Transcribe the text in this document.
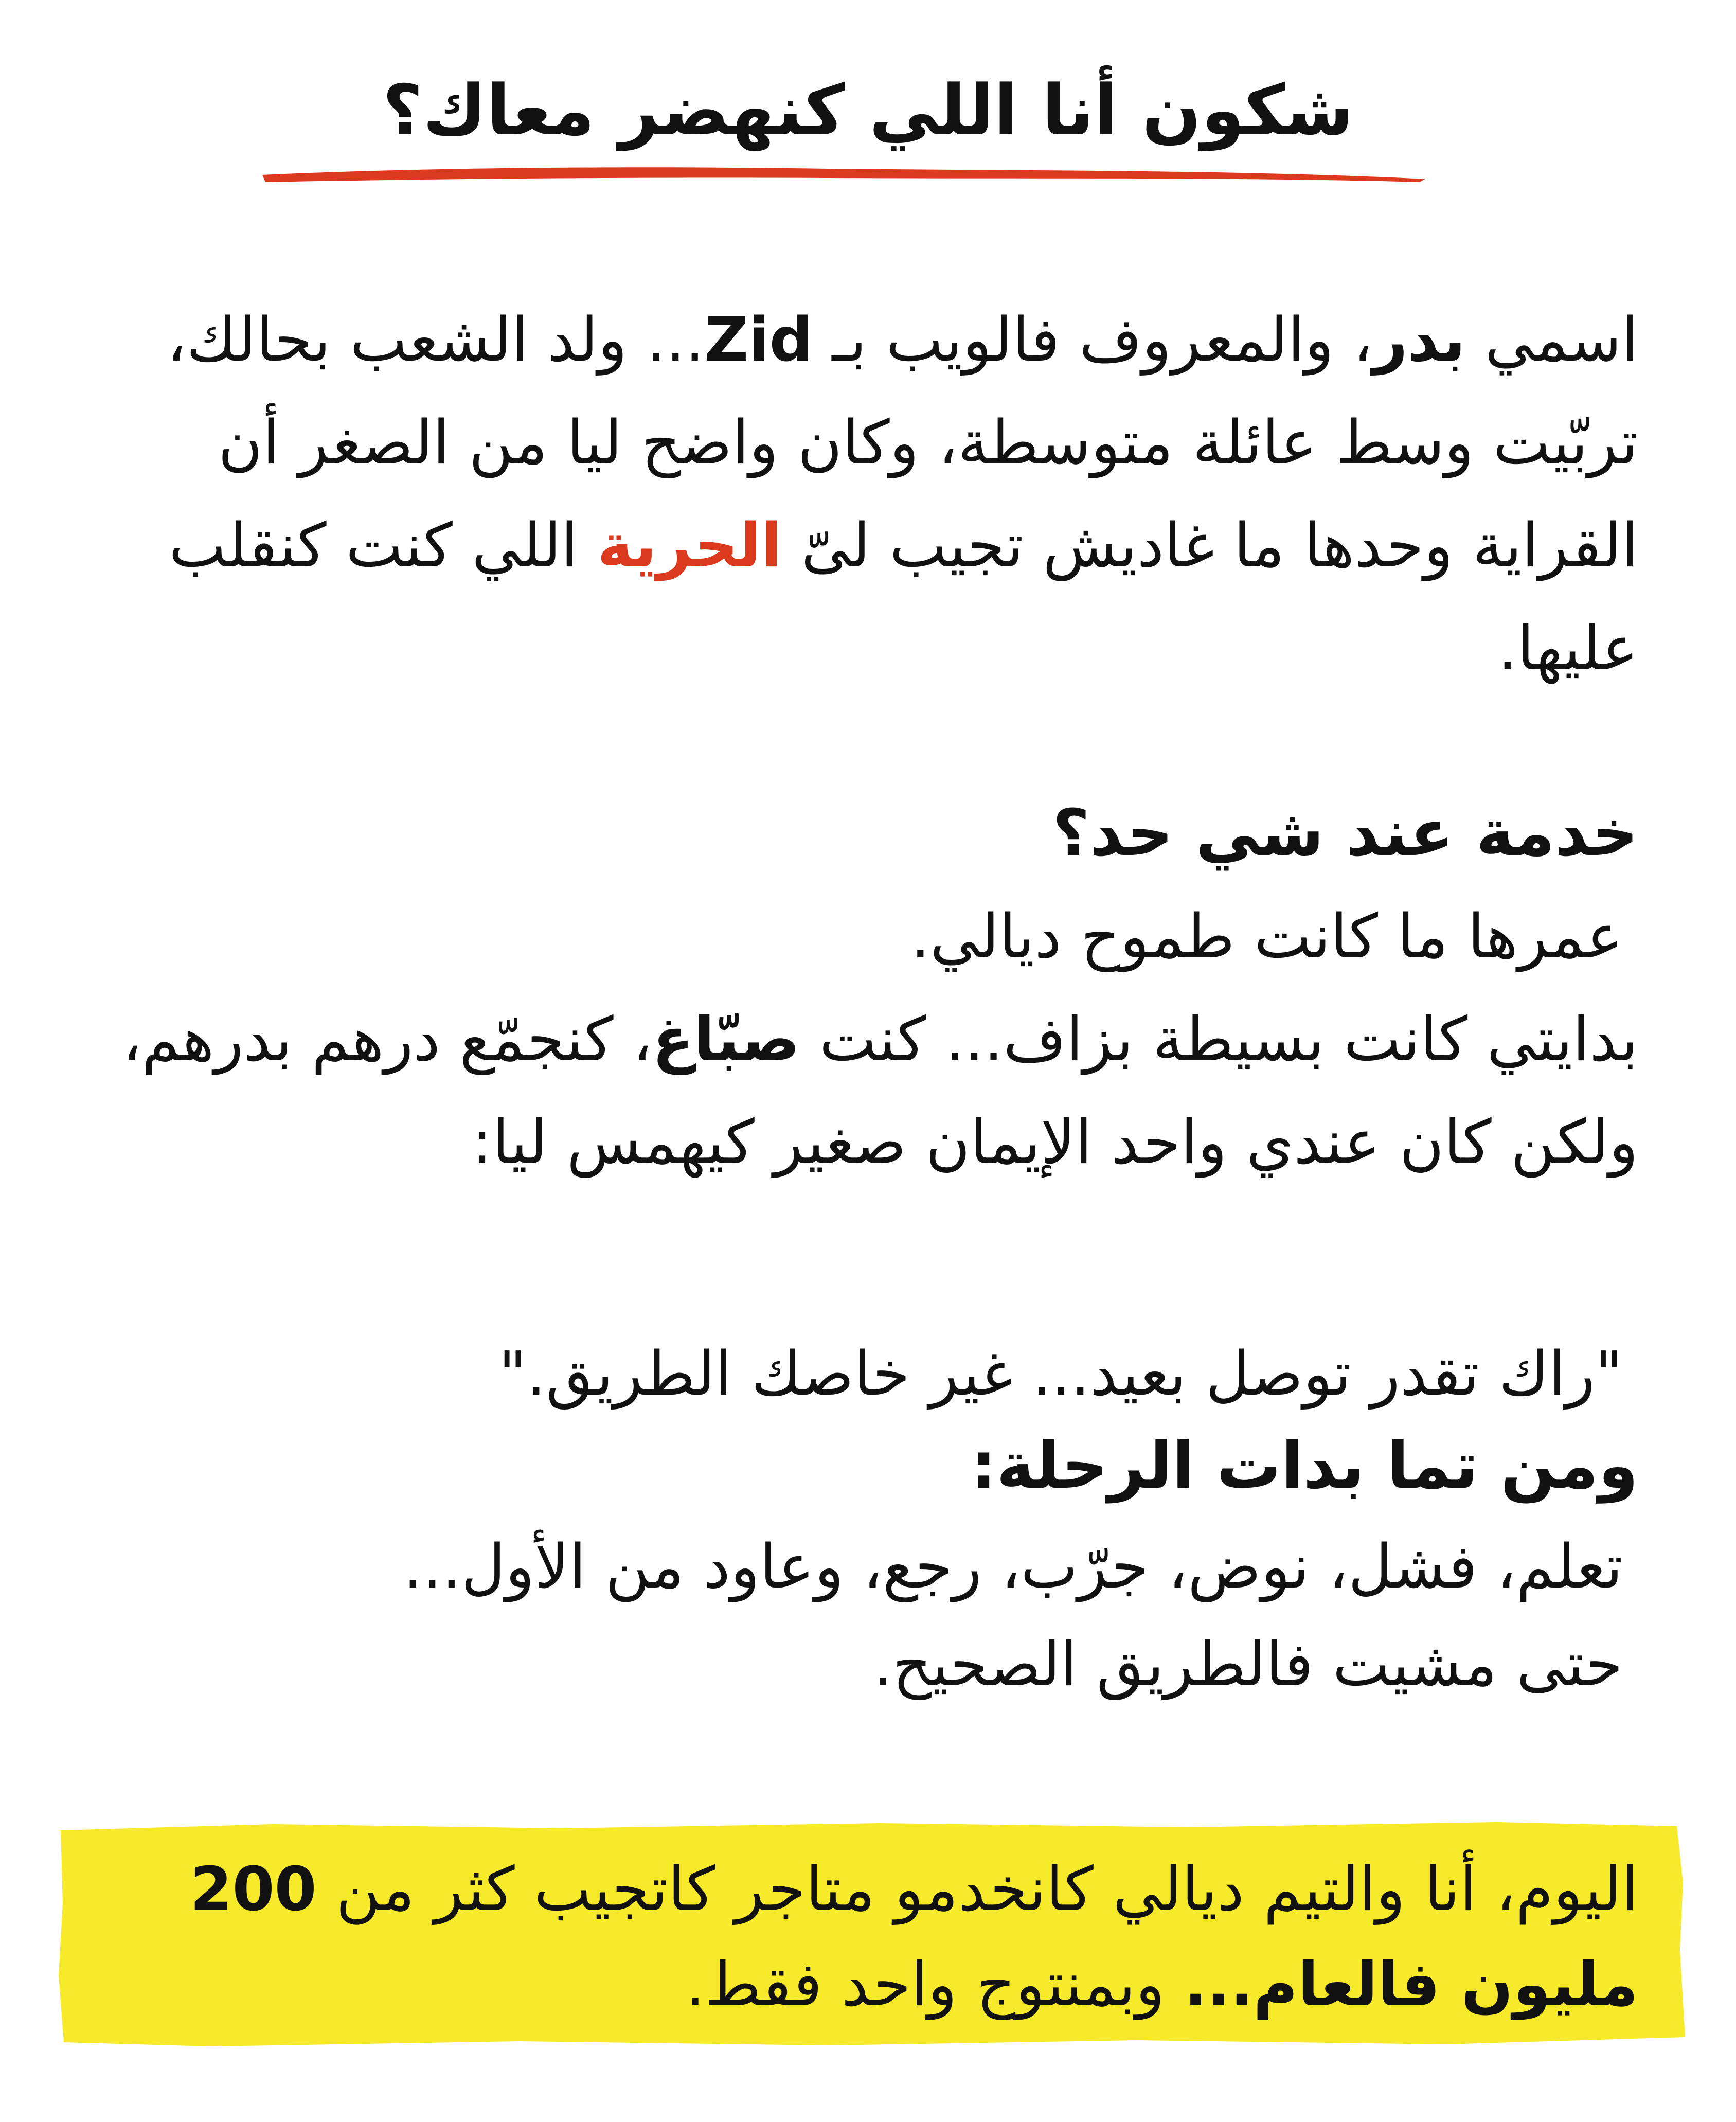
شكون أنا اللي كنهضر معاك؟
اسمي بدر، والمعروف فالويب بـ Zid... ولد الشعب بحالك، تربّيت وسط عائلة متوسطة، وكان واضح ليا من الصغر أن القراية وحدها ما غاديش تجيب لىّ الحرية اللي كنت كنقلب عليها.
خدمة عند شي حد؟
عمرها ما كانت طموح ديالي.
بدايتي كانت بسيطة بزاف... كنت صبّاغ، كنجمّع درهم بدرهم، ولكن كان عندي واحد الإيمان صغير كيهمس ليا:
"راك تقدر توصل بعيد... غير خاصك الطريق."
ومن تما بدات الرحلة:
تعلم، فشل، نوض، جرّب، رجع، وعاود من الأول...
حتى مشيت فالطريق الصحيح.
اليوم، أنا والتيم ديالي كانخدمو متاجر كاتجيب كثر من 200 مليون فالعام... وبمنتوج واحد فقط.
